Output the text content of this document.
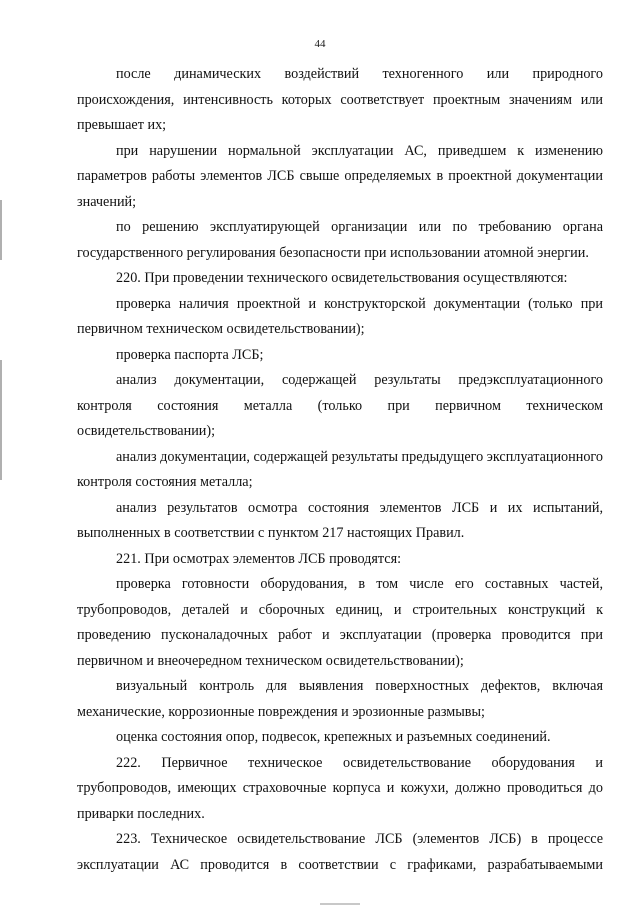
44

после динамических воздействий техногенного или природного происхождения, интенсивность которых соответствует проектным значениям или превышает их;

при нарушении нормальной эксплуатации АС, приведшем к изменению параметров работы элементов ЛСБ свыше определяемых в проектной документации значений;

по решению эксплуатирующей организации или по требованию органа государственного регулирования безопасности при использовании атомной энергии.

220. При проведении технического освидетельствования осуществляются:

проверка наличия проектной и конструкторской документации (только при первичном техническом освидетельствовании);

проверка паспорта ЛСБ;

анализ документации, содержащей результаты предэксплуатационного контроля состояния металла (только при первичном техническом освидетельствовании);

анализ документации, содержащей результаты предыдущего эксплуатационного контроля состояния металла;

анализ результатов осмотра состояния элементов ЛСБ и их испытаний, выполненных в соответствии с пунктом 217 настоящих Правил.

221. При осмотрах элементов ЛСБ проводятся:

проверка готовности оборудования, в том числе его составных частей, трубопроводов, деталей и сборочных единиц, и строительных конструкций к проведению пусконаладочных работ и эксплуатации (проверка проводится при первичном и внеочередном техническом освидетельствовании);

визуальный контроль для выявления поверхностных дефектов, включая механические, коррозионные повреждения и эрозионные размывы;

оценка состояния опор, подвесок, крепежных и разъемных соединений.

222. Первичное техническое освидетельствование оборудования и трубопроводов, имеющих страховочные корпуса и кожухи, должно проводиться до приварки последних.

223. Техническое освидетельствование ЛСБ (элементов ЛСБ) в процессе эксплуатации АС проводится в соответствии с графиками, разрабатываемыми
